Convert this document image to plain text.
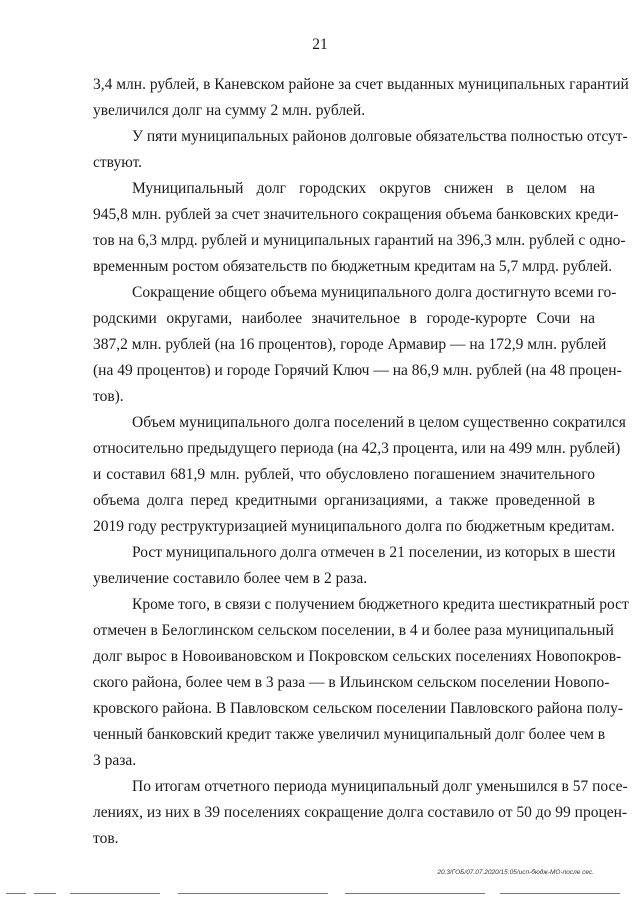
21
3,4 млн. рублей, в Каневском районе за счет выданных муниципальных гарантий
увеличился долг на сумму 2 млн. рублей.
У пяти муниципальных районов долговые обязательства полностью отсут-
ствуют.
Муниципальный долг городских округов снижен в целом на
945,8 млн. рублей за счет значительного сокращения объема банковских креди-
тов на 6,3 млрд. рублей и муниципальных гарантий на 396,3 млн. рублей с одно-
временным ростом обязательств по бюджетным кредитам на 5,7 млрд. рублей.
Сокращение общего объема муниципального долга достигнуто всеми го-
родскими округами, наиболее значительное в городе-курорте Сочи на
387,2 млн. рублей (на 16 процентов), городе Армавир — на 172,9 млн. рублей
(на 49 процентов) и городе Горячий Ключ — на 86,9 млн. рублей (на 48 процен-
тов).
Объем муниципального долга поселений в целом существенно сократился
относительно предыдущего периода (на 42,3 процента, или на 499 млн. рублей)
и составил 681,9 млн. рублей, что обусловлено погашением значительного
объема долга перед кредитными организациями, а также проведенной в
2019 году реструктуризацией муниципального долга по бюджетным кредитам.
Рост муниципального долга отмечен в 21 поселении, из которых в шести
увеличение составило более чем в 2 раза.
Кроме того, в связи с получением бюджетного кредита шестикратный рост
отмечен в Белоглинском сельском поселении, в 4 и более раза муниципальный
долг вырос в Новоивановском и Покровском сельских поселениях Новопокров-
ского района, более чем в 3 раза — в Ильинском сельском поселении Новопо-
кровского района. В Павловском сельском поселении Павловского района полу-
ченный банковский кредит также увеличил муниципальный долг более чем в
3 раза.
По итогам отчетного периода муниципальный долг уменьшился в 57 посе-
лениях, из них в 39 поселениях сокращение долга составило от 50 до 99 процен-
тов.
20.3/ГОБ/07.07.2020/15:05/исп-бюдж-МО-после сес.
